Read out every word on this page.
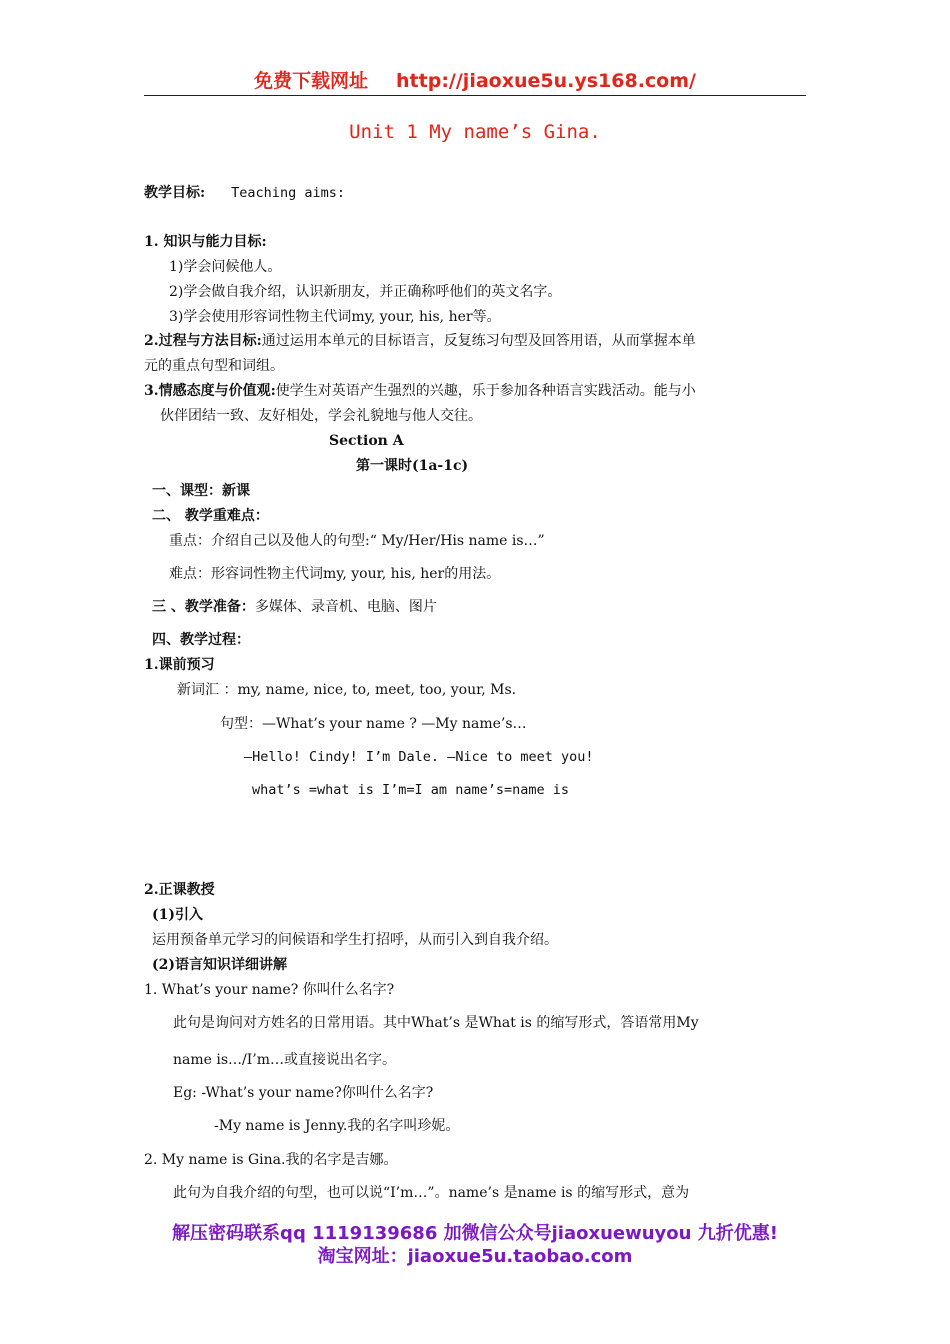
免费下载网址 http://jiaoxue5u.ys168.com/
Unit 1 My name’s Gina.
教学目标: Teaching aims:
1. 知识与能力目标:
1)学会问候他人。
2)学会做自我介绍，认识新朋友，并正确称呼他们的英文名字。
3)学会使用形容词性物主代词my, your, his, her等。
2.过程与方法目标:通过运用本单元的目标语言，反复练习句型及回答用语，从而掌握本单
元的重点句型和词组。
3.情感态度与价值观:使学生对英语产生强烈的兴趣，乐于参加各种语言实践活动。能与小
伙伴团结一致、友好相处，学会礼貌地与他人交往。
Section A
第一课时(1a-1c)
一、课型：新课
二、 教学重难点：
重点：介绍自己以及他人的句型:“ My/Her/His name is…”
难点：形容词性物主代词my, your, his, her的用法。
三 、教学准备：多媒体、录音机、电脑、图片
四、教学过程：
1.课前预习
新词汇 ：my, name, nice, to, meet, too, your, Ms.
句型：—What’s your name ? —My name’s…
—Hello! Cindy! I’m Dale. —Nice to meet you!
what’s =what is I’m=I am name’s=name is
2.正课教授
(1)引入
运用预备单元学习的问候语和学生打招呼，从而引入到自我介绍。
(2)语言知识详细讲解
1. What’s your name? 你叫什么名字?
此句是询问对方姓名的日常用语。其中What’s 是What is 的缩写形式，答语常用My
name is…/I’m…或直接说出名字。
Eg: -What’s your name?你叫什么名字?
-My name is Jenny.我的名字叫珍妮。
2. My name is Gina.我的名字是吉娜。
此句为自我介绍的句型，也可以说“I’m…”。name’s 是name is 的缩写形式，意为
解压密码联系qq 1119139686 加微信公众号jiaoxuewuyou 九折优惠!
淘宝网址：jiaoxue5u.taobao.com
